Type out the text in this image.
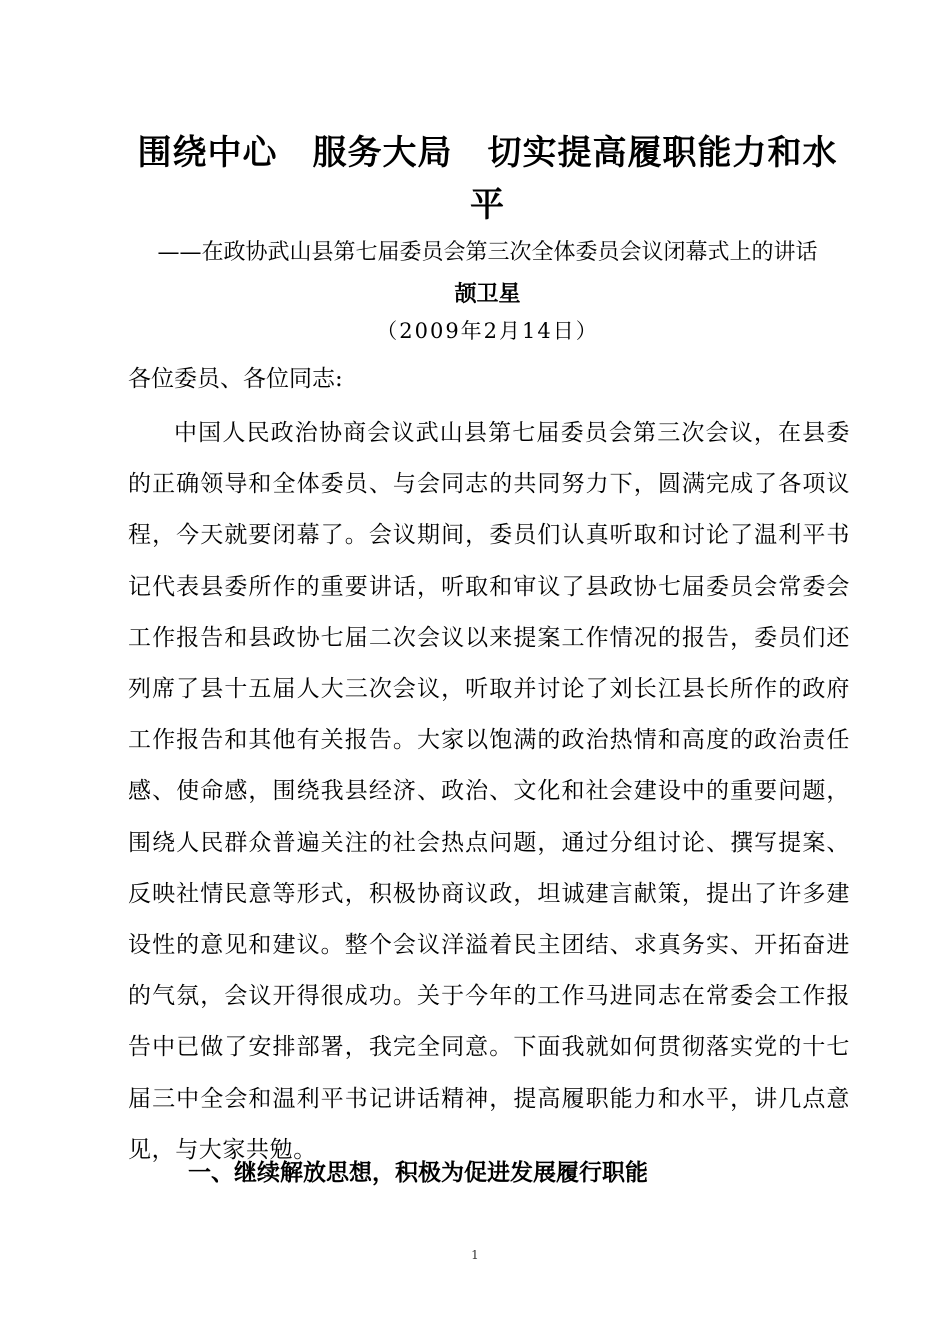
围绕中心　服务大局　切实提高履职能力和水
平

——在政协武山县第七届委员会第三次全体委员会议闭幕式上的讲话

颉卫星

（2009年2月14日）

各位委员、各位同志:

中国人民政治协商会议武山县第七届委员会第三次会议，在县委的正确领导和全体委员、与会同志的共同努力下，圆满完成了各项议程，今天就要闭幕了。会议期间，委员们认真听取和讨论了温利平书记代表县委所作的重要讲话，听取和审议了县政协七届委员会常委会工作报告和县政协七届二次会议以来提案工作情况的报告，委员们还列席了县十五届人大三次会议，听取并讨论了刘长江县长所作的政府工作报告和其他有关报告。大家以饱满的政治热情和高度的政治责任感、使命感，围绕我县经济、政治、文化和社会建设中的重要问题，围绕人民群众普遍关注的社会热点问题，通过分组讨论、撰写提案、反映社情民意等形式，积极协商议政，坦诚建言献策，提出了许多建设性的意见和建议。整个会议洋溢着民主团结、求真务实、开拓奋进的气氛，会议开得很成功。关于今年的工作马进同志在常委会工作报告中已做了安排部署，我完全同意。下面我就如何贯彻落实党的十七届三中全会和温利平书记讲话精神，提高履职能力和水平，讲几点意见，与大家共勉。

一、继续解放思想，积极为促进发展履行职能

1
